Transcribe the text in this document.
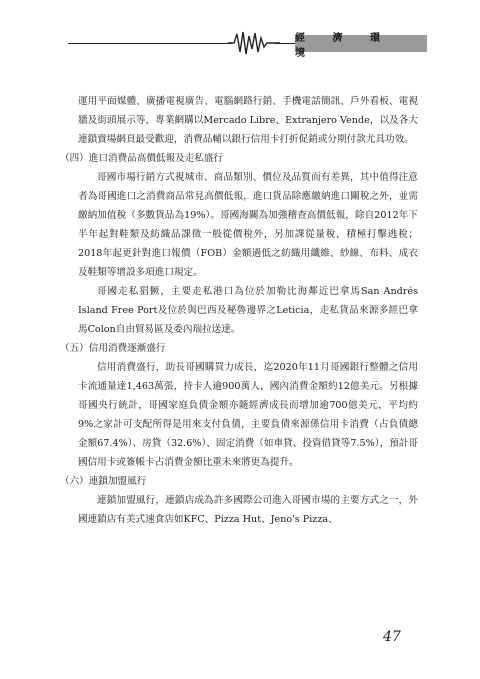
經 濟 環 境

運用平面媒體、廣播電視廣告、電腦網路行銷、手機電話簡訊、戶外看板、電視牆及街頭展示等，專業網購以Mercado Libre、Extranjero Vende，以及各大連鎖賣場網頁最受歡迎，消費品輔以銀行信用卡打折促銷或分期付款尤具功效。

（四）進口消費品高價低報及走私盛行

哥國市場行銷方式視城市、商品類別、價位及品質而有差異，其中值得注意者為哥國進口之消費商品常見高價低報，進口貨品除應繳納進口關稅之外，並需繳納加值稅（多數貨品為19%）。哥國海關為加強稽查高價低報，除自2012年下半年起對鞋類及紡織品課徵一般從價稅外，另加課從量稅，積極打擊逃稅；2018年起更針對進口報價（FOB）金額過低之紡織用纖維、紗線、布料、成衣及鞋類等增設多項進口規定。

哥國走私猖獗，主要走私港口為位於加勒比海鄰近巴拿馬San Andrés Island Free Port及位於與巴西及秘魯邊界之Leticia，走私貨品來源多經巴拿馬Colon自由貿易區及委內瑞拉送達。

（五）信用消費逐漸盛行

信用消費盛行，助長哥國購買力成長，迄2020年11月哥國銀行整體之信用卡流通量達1,463萬張，持卡人逾900萬人，國內消費金額約12億美元。另根據哥國央行統計，哥國家庭負債金額亦隨經濟成長而增加逾700億美元，平均約9%之家計可支配所得是用來支付負債，主要負債來源係信用卡消費（占負債總金額67.4%）、房貸（32.6%）、固定消費（如車貸、投資借貸等7.5%），預計哥國信用卡或簽帳卡占消費金額比重未來將更為提升。

（六）連鎖加盟風行

連鎖加盟風行，連鎖店成為許多國際公司進入哥國市場的主要方式之一，外國連鎖店有美式速食店如KFC、Pizza Hut、Jeno's Pizza、

47
